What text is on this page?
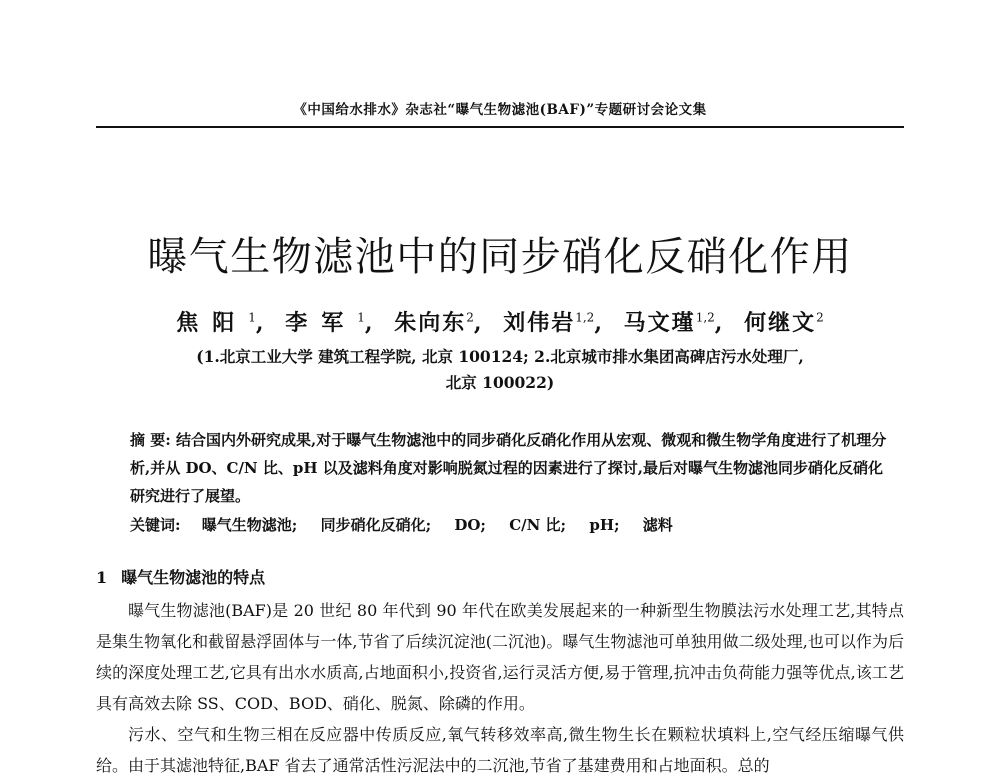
《中国给水排水》杂志社“曝气生物滤池(BAF)”专题研讨会论文集
曝气生物滤池中的同步硝化反硝化作用
焦阳$^1$, 李军$^1$, 朱向东$^2$, 刘伟岩$^{1,2}$, 马文瑾$^{1,2}$, 何继文$^2$
(1.北京工业大学 建筑工程学院, 北京 100124; 2.北京城市排水集团高碑店污水处理厂,
北京 100022)
摘 要: 结合国内外研究成果,对于曝气生物滤池中的同步硝化反硝化作用从宏观、微观和微生物学角度进行了机理分析,并从 DO、C/N 比、pH 以及滤料角度对影响脱氮过程的因素进行了探讨,最后对曝气生物滤池同步硝化反硝化研究进行了展望。
关键词: 曝气生物滤池; 同步硝化反硝化; DO; C/N 比; pH; 滤料
1 曝气生物滤池的特点

曝气生物滤池(BAF)是 20 世纪 80 年代到 90 年代在欧美发展起来的一种新型生物膜法污水处理工艺,其特点是集生物氧化和截留悬浮固体与一体,节省了后续沉淀池(二沉池)。曝气生物滤池可单独用做二级处理,也可以作为后续的深度处理工艺,它具有出水水质高,占地面积小,投资省,运行灵活方便,易于管理,抗冲击负荷能力强等优点,该工艺具有高效去除 SS、COD、BOD、硝化、脱氮、除磷的作用。

污水、空气和生物三相在反应器中传质反应,氧气转移效率高,微生物生长在颗粒状填料上,空气经压缩曝气供给。由于其滤池特征,BAF 省去了通常活性污泥法中的二沉池,节省了基建费用和占地面积。总的
